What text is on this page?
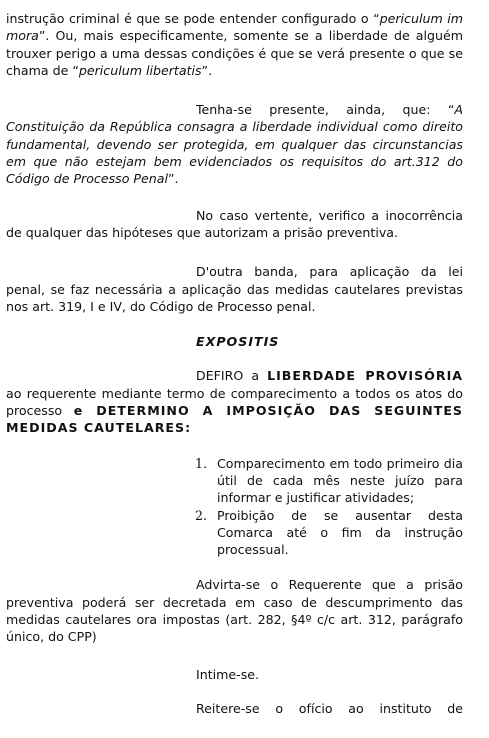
instrução criminal é que se pode entender configurado o “periculum im mora”. Ou, mais especificamente, somente se a liberdade de alguém trouxer perigo a uma dessas condições é que se verá presente o que se chama de “periculum libertatis”.

Tenha-se presente, ainda, que: “A Constituição da República consagra a liberdade individual como direito fundamental, devendo ser protegida, em qualquer das circunstancias em que não estejam bem evidenciados os requisitos do art.312 do Código de Processo Penal”.

No caso vertente, verifico a inocorrência de qualquer das hipóteses que autorizam a prisão preventiva.

D'outra banda, para aplicação da lei penal, se faz necessária a aplicação das medidas cautelares previstas nos art. 319, I e IV, do Código de Processo penal.

EXPOSITIS

DEFIRO a LIBERDADE PROVISÓRIA ao requerente mediante termo de comparecimento a todos os atos do processo e DETERMINO A IMPOSIÇÃO DAS SEGUINTES MEDIDAS CAUTELARES:

1. Comparecimento em todo primeiro dia útil de cada mês neste juízo para informar e justificar atividades;
2. Proibição de se ausentar desta Comarca até o fim da instrução processual.

Advirta-se o Requerente que a prisão preventiva poderá ser decretada em caso de descumprimento das medidas cautelares ora impostas (art. 282, §4º c/c art. 312, parágrafo único, do CPP)

Intime-se.

Reitere-se o ofício ao instituto de
